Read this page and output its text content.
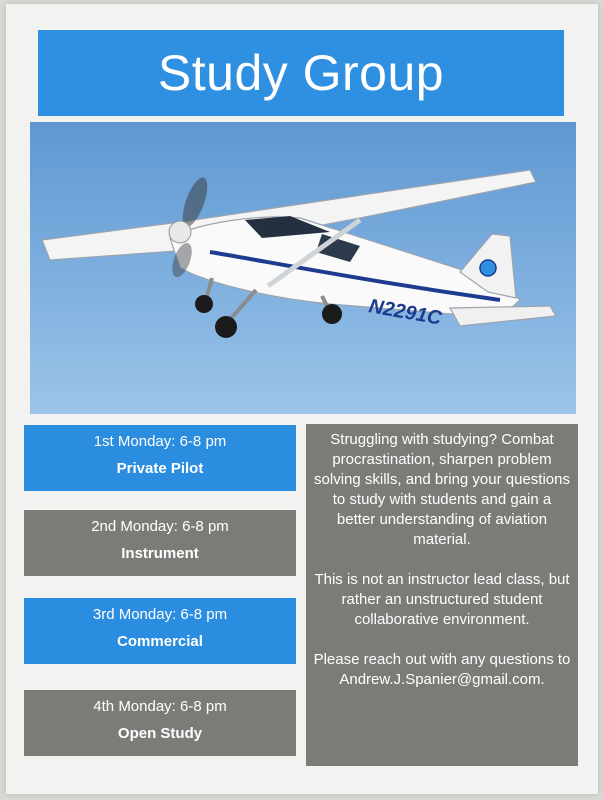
Study Group
N2291C
1st Monday: 6-8 pm
Private Pilot
2nd Monday: 6-8 pm
Instrument
3rd Monday: 6-8 pm
Commercial
4th Monday: 6-8 pm
Open Study
Struggling with studying? Combat procrastination, sharpen problem solving skills, and bring your questions to study with students and gain a better understanding of aviation material.
This is not an instructor lead class, but rather an unstructured student collaborative environment.
Please reach out with any questions to Andrew.J.Spanier@gmail.com.
